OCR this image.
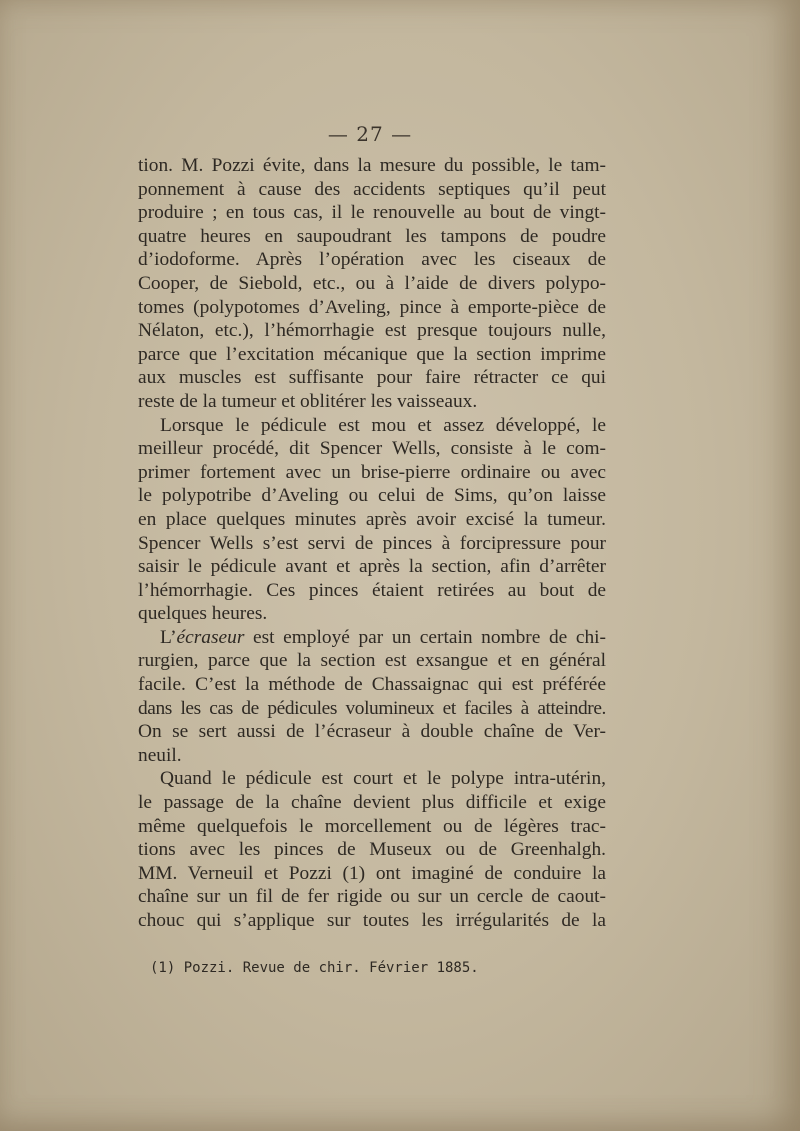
— 27 —
tion. M. Pozzi évite, dans la mesure du possible, le tam-
ponnement à cause des accidents septiques qu’il peut
produire ; en tous cas, il le renouvelle au bout de vingt-
quatre heures en saupoudrant les tampons de poudre
d’iodoforme. Après l’opération avec les ciseaux de
Cooper, de Siebold, etc., ou à l’aide de divers polypo-
tomes (polypotomes d’Aveling, pince à emporte-pièce de
Nélaton, etc.), l’hémorrhagie est presque toujours nulle,
parce que l’excitation mécanique que la section imprime
aux muscles est suffisante pour faire rétracter ce qui
reste de la tumeur et oblitérer les vaisseaux.
Lorsque le pédicule est mou et assez développé, le
meilleur procédé, dit Spencer Wells, consiste à le com-
primer fortement avec un brise-pierre ordinaire ou avec
le polypotribe d’Aveling ou celui de Sims, qu’on laisse
en place quelques minutes après avoir excisé la tumeur.
Spencer Wells s’est servi de pinces à forcipressure pour
saisir le pédicule avant et après la section, afin d’arrêter
l’hémorrhagie. Ces pinces étaient retirées au bout de
quelques heures.
L’écraseur est employé par un certain nombre de chi-
rurgien, parce que la section est exsangue et en général
facile. C’est la méthode de Chassaignac qui est préférée
dans les cas de pédicules volumineux et faciles à atteindre.
On se sert aussi de l’écraseur à double chaîne de Ver-
neuil.
Quand le pédicule est court et le polype intra-utérin,
le passage de la chaîne devient plus difficile et exige
même quelquefois le morcellement ou de légères trac-
tions avec les pinces de Museux ou de Greenhalgh.
MM. Verneuil et Pozzi (1) ont imaginé de conduire la
chaîne sur un fil de fer rigide ou sur un cercle de caout-
chouc qui s’applique sur toutes les irrégularités de la
(1) Pozzi. Revue de chir. Février 1885.
